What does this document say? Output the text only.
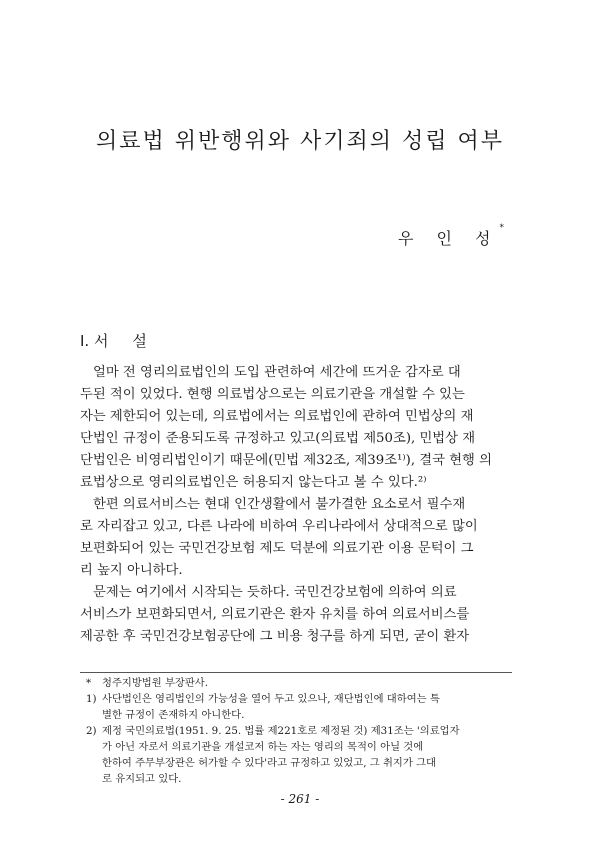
의료법 위반행위와 사기죄의 성립 여부
우 인 성*
Ⅰ. 서     설
얼마 전 영리의료법인의 도입 관련하여 세간에 뜨거운 감자로 대
두된 적이 있었다. 현행 의료법상으로는 의료기관을 개설할 수 있는
자는 제한되어 있는데, 의료법에서는 의료법인에 관하여 민법상의 재
단법인 규정이 준용되도록 규정하고 있고(의료법 제50조), 민법상 재
단법인은 비영리법인이기 때문에(민법 제32조, 제39조¹⁾), 결국 현행 의
료법상으로 영리의료법인은 허용되지 않는다고 볼 수 있다.²⁾
한편 의료서비스는 현대 인간생활에서 불가결한 요소로서 필수재
로 자리잡고 있고, 다른 나라에 비하여 우리나라에서 상대적으로 많이
보편화되어 있는 국민건강보험 제도 덕분에 의료기관 이용 문턱이 그
리 높지 아니하다.
문제는 여기에서 시작되는 듯하다. 국민건강보험에 의하여 의료
서비스가 보편화되면서, 의료기관은 환자 유치를 하여 의료서비스를
제공한 후 국민건강보험공단에 그 비용 청구를 하게 되면, 굳이 환자
* 청주지방법원 부장판사.
1) 사단법인은 영리법인의 가능성을 열어 두고 있으나, 재단법인에 대하여는 특
별한 규정이 존재하지 아니한다.
2) 제정 국민의료법(1951. 9. 25. 법률 제221호로 제정된 것) 제31조는 '의료업자
가 아닌 자로서 의료기관을 개설코저 하는 자는 영리의 목적이 아닐 것에
한하여 주무부장관은 허가할 수 있다'라고 규정하고 있었고, 그 취지가 그대
로 유지되고 있다.
- 261 -
